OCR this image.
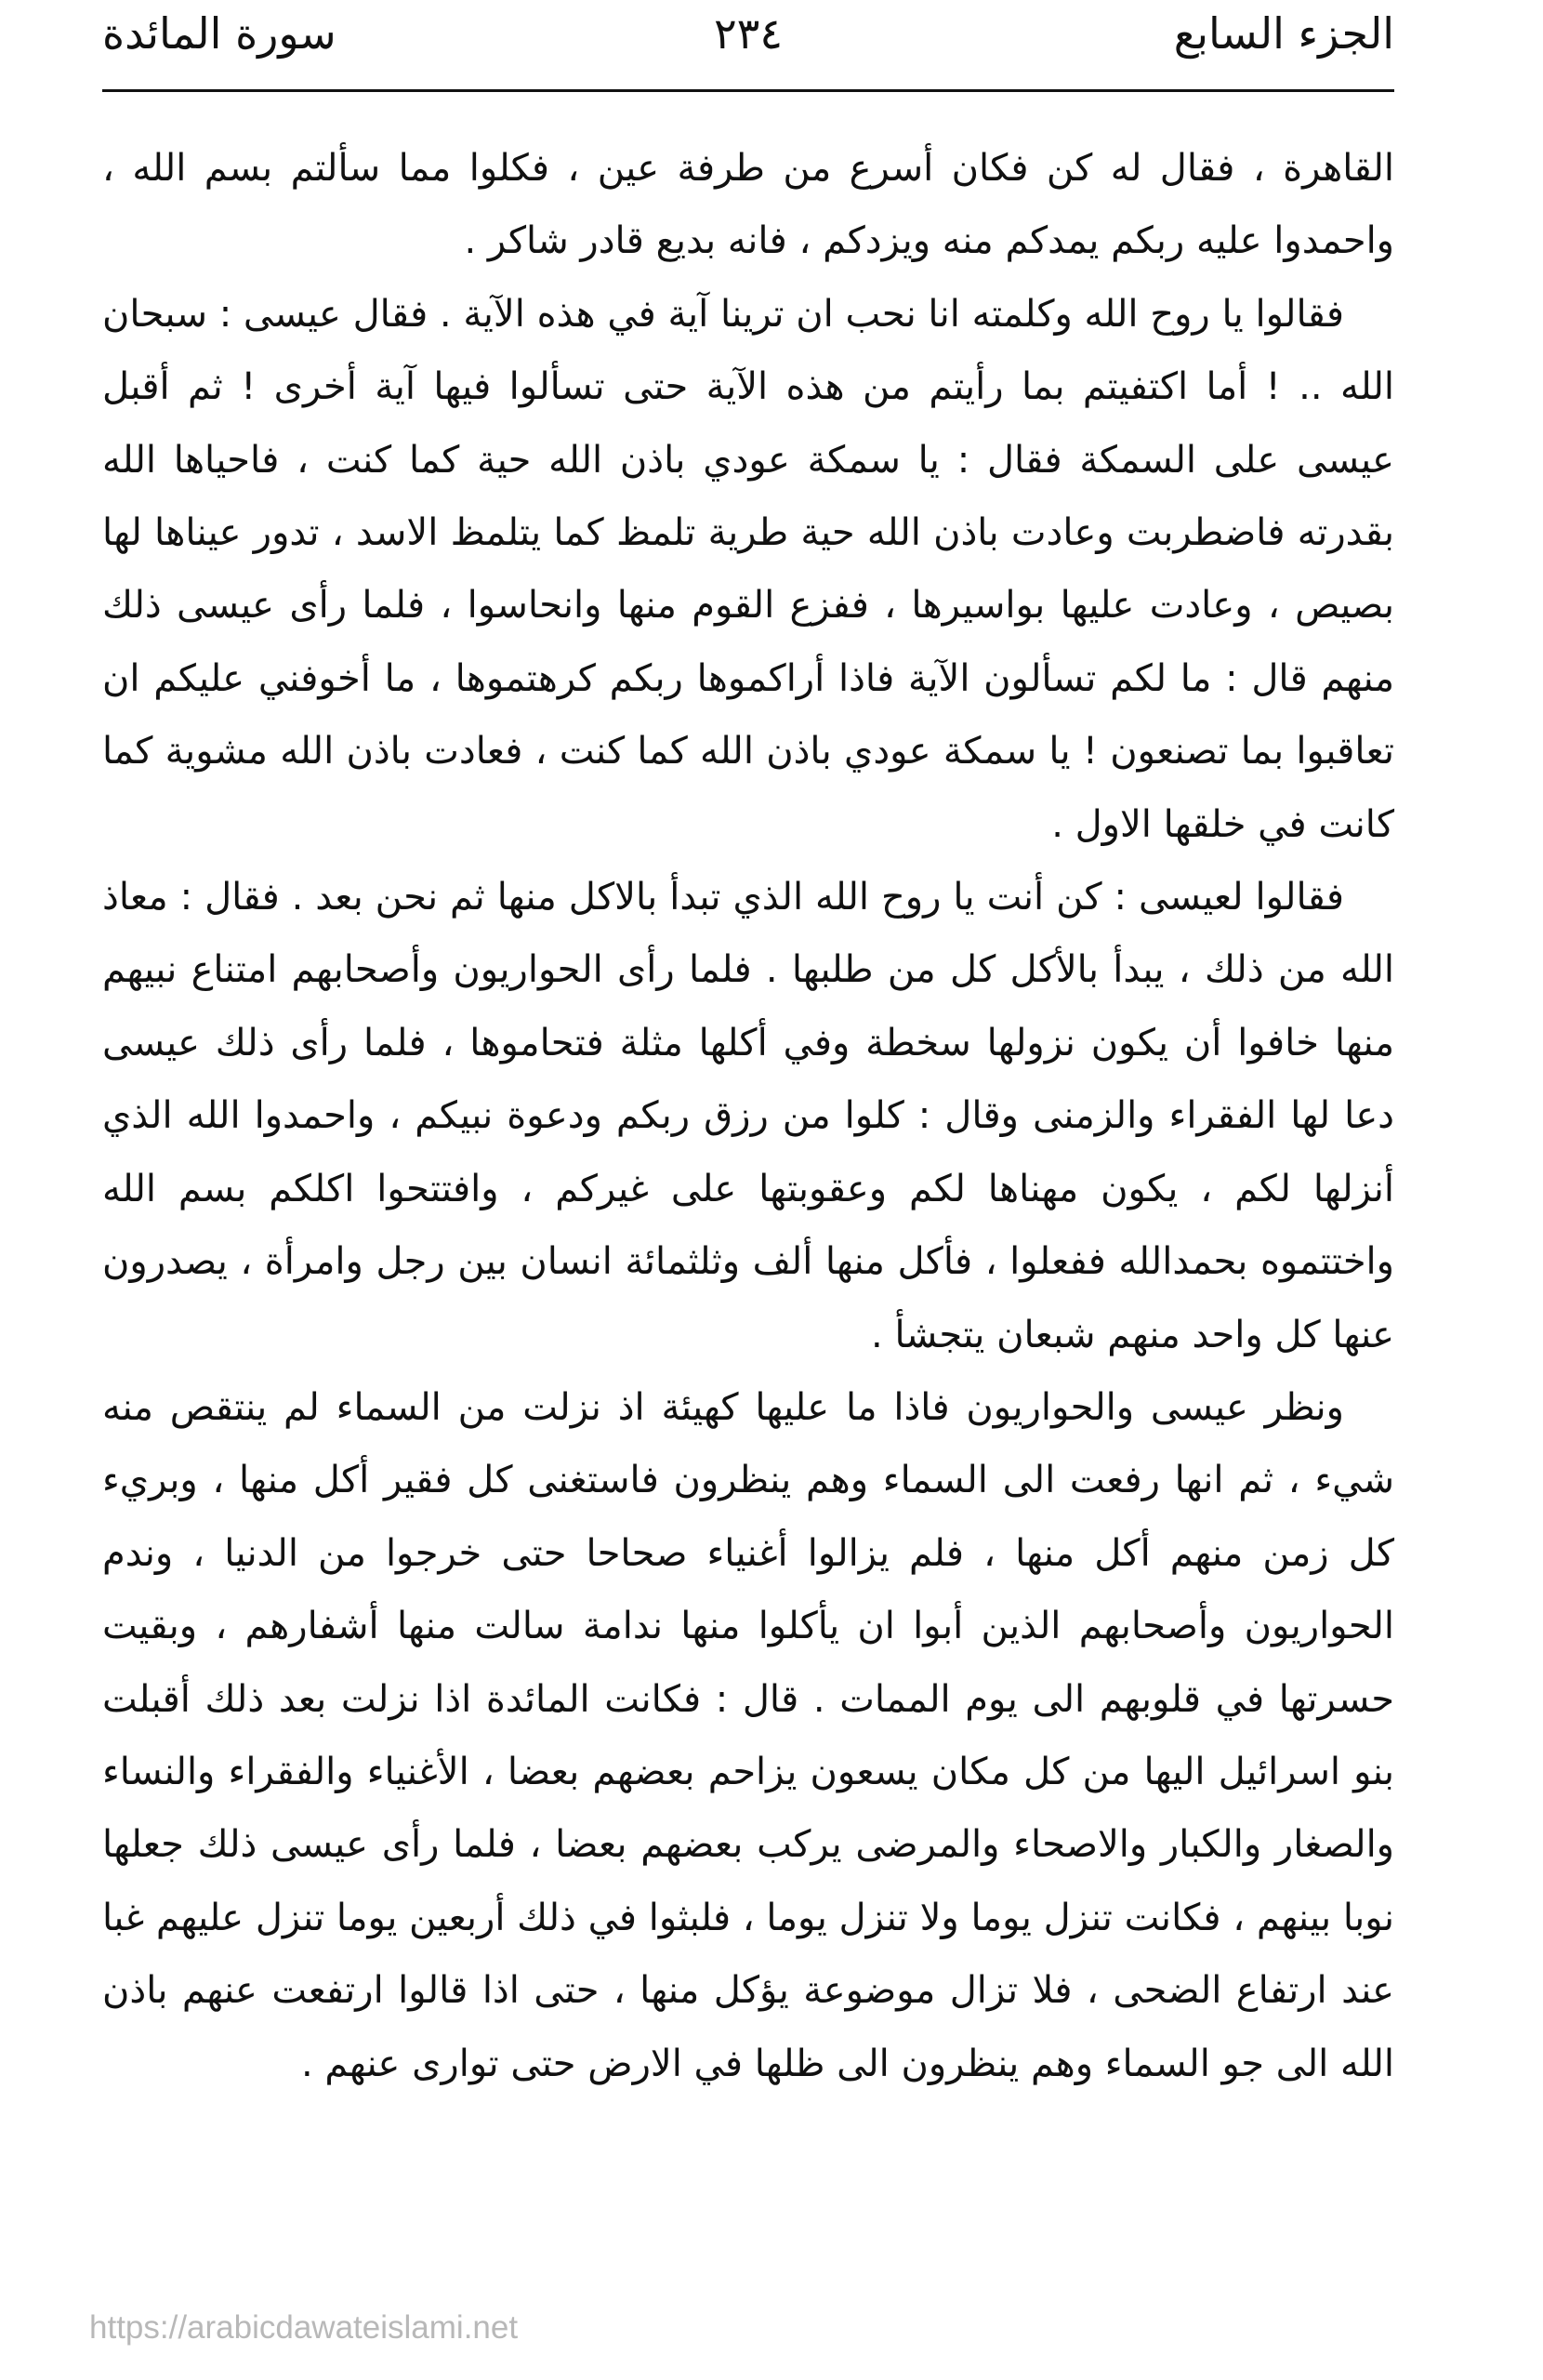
الجزء السابع
٢٣٤
سورة المائدة

القاهرة ، فقال له كن فكان أسرع من طرفة عين ، فكلوا مما سألتم بسم الله ، واحمدوا عليه ربكم يمدكم منه ويزدكم ، فانه بديع قادر شاكر .

فقالوا يا روح الله وكلمته انا نحب ان ترينا آية في هذه الآية . فقال عيسى : سبحان الله .. ! أما اكتفيتم بما رأيتم من هذه الآية حتى تسألوا فيها آية أخرى ! ثم أقبل عيسى على السمكة فقال : يا سمكة عودي باذن الله حية كما كنت ، فاحياها الله بقدرته فاضطربت وعادت باذن الله حية طرية تلمظ كما يتلمظ الاسد ، تدور عيناها لها بصيص ، وعادت عليها بواسيرها ، ففزع القوم منها وانحاسوا ، فلما رأى عيسى ذلك منهم قال : ما لكم تسألون الآية فاذا أراكموها ربكم كرهتموها ، ما أخوفني عليكم ان تعاقبوا بما تصنعون ! يا سمكة عودي باذن الله كما كنت ، فعادت باذن الله مشوية كما كانت في خلقها الاول .

فقالوا لعيسى : كن أنت يا روح الله الذي تبدأ بالاكل منها ثم نحن بعد . فقال : معاذ الله من ذلك ، يبدأ بالأكل كل من طلبها . فلما رأى الحواريون وأصحابهم امتناع نبيهم منها خافوا أن يكون نزولها سخطة وفي أكلها مثلة فتحاموها ، فلما رأى ذلك عيسى دعا لها الفقراء والزمنى وقال : كلوا من رزق ربكم ودعوة نبيكم ، واحمدوا الله الذي أنزلها لكم ، يكون مهناها لكم وعقوبتها على غيركم ، وافتتحوا اكلكم بسم الله واختتموه بحمدالله ففعلوا ، فأكل منها ألف وثلثمائة انسان بين رجل وامرأة ، يصدرون عنها كل واحد منهم شبعان يتجشأ .

ونظر عيسى والحواريون فاذا ما عليها كهيئة اذ نزلت من السماء لم ينتقص منه شيء ، ثم انها رفعت الى السماء وهم ينظرون فاستغنى كل فقير أكل منها ، وبريء كل زمن منهم أكل منها ، فلم يزالوا أغنياء صحاحا حتى خرجوا من الدنيا ، وندم الحواريون وأصحابهم الذين أبوا ان يأكلوا منها ندامة سالت منها أشفارهم ، وبقيت حسرتها في قلوبهم الى يوم الممات . قال : فكانت المائدة اذا نزلت بعد ذلك أقبلت بنو اسرائيل اليها من كل مكان يسعون يزاحم بعضهم بعضا ، الأغنياء والفقراء والنساء والصغار والكبار والاصحاء والمرضى يركب بعضهم بعضا ، فلما رأى عيسى ذلك جعلها نوبا بينهم ، فكانت تنزل يوما ولا تنزل يوما ، فلبثوا في ذلك أربعين يوما تنزل عليهم غبا عند ارتفاع الضحى ، فلا تزال موضوعة يؤكل منها ، حتى اذا قالوا ارتفعت عنهم باذن الله الى جو السماء وهم ينظرون الى ظلها في الارض حتى توارى عنهم .

https://arabicdawateislami.net
